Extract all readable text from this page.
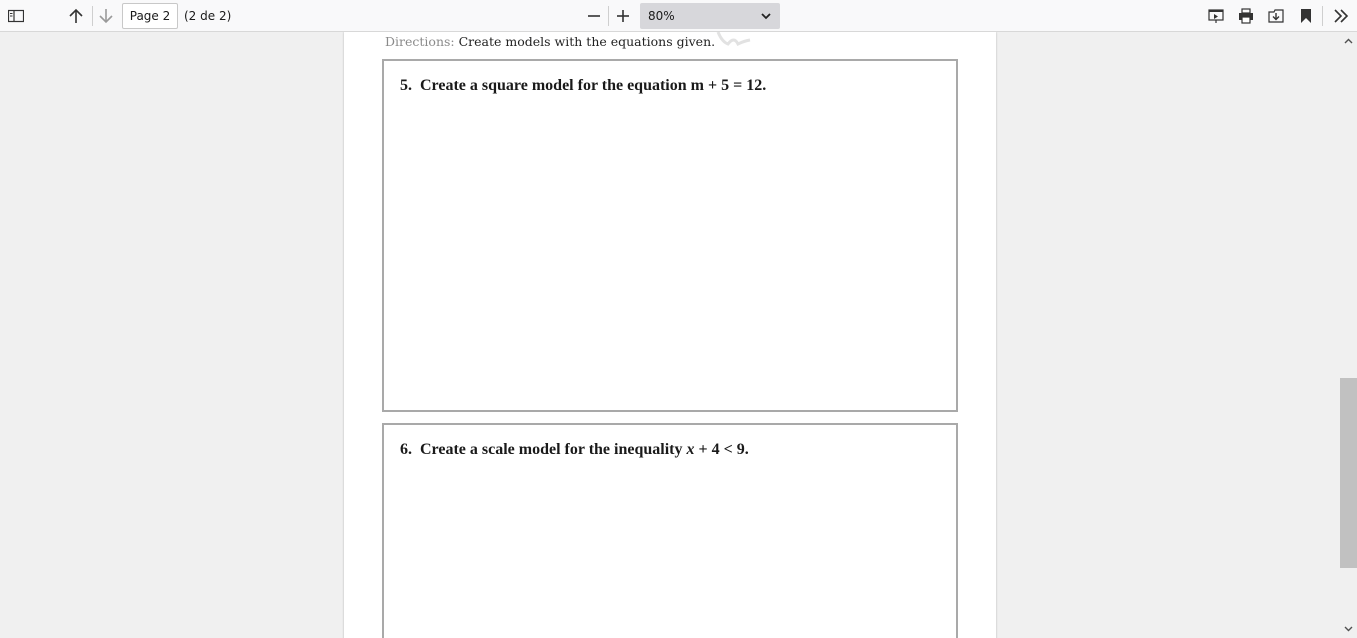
Page 2
(2 de 2)	80%
Directions: Create models with the equations given.
5. Create a square model for the equation m + 5 = 12.
6. Create a scale model for the inequality x + 4 < 9.
